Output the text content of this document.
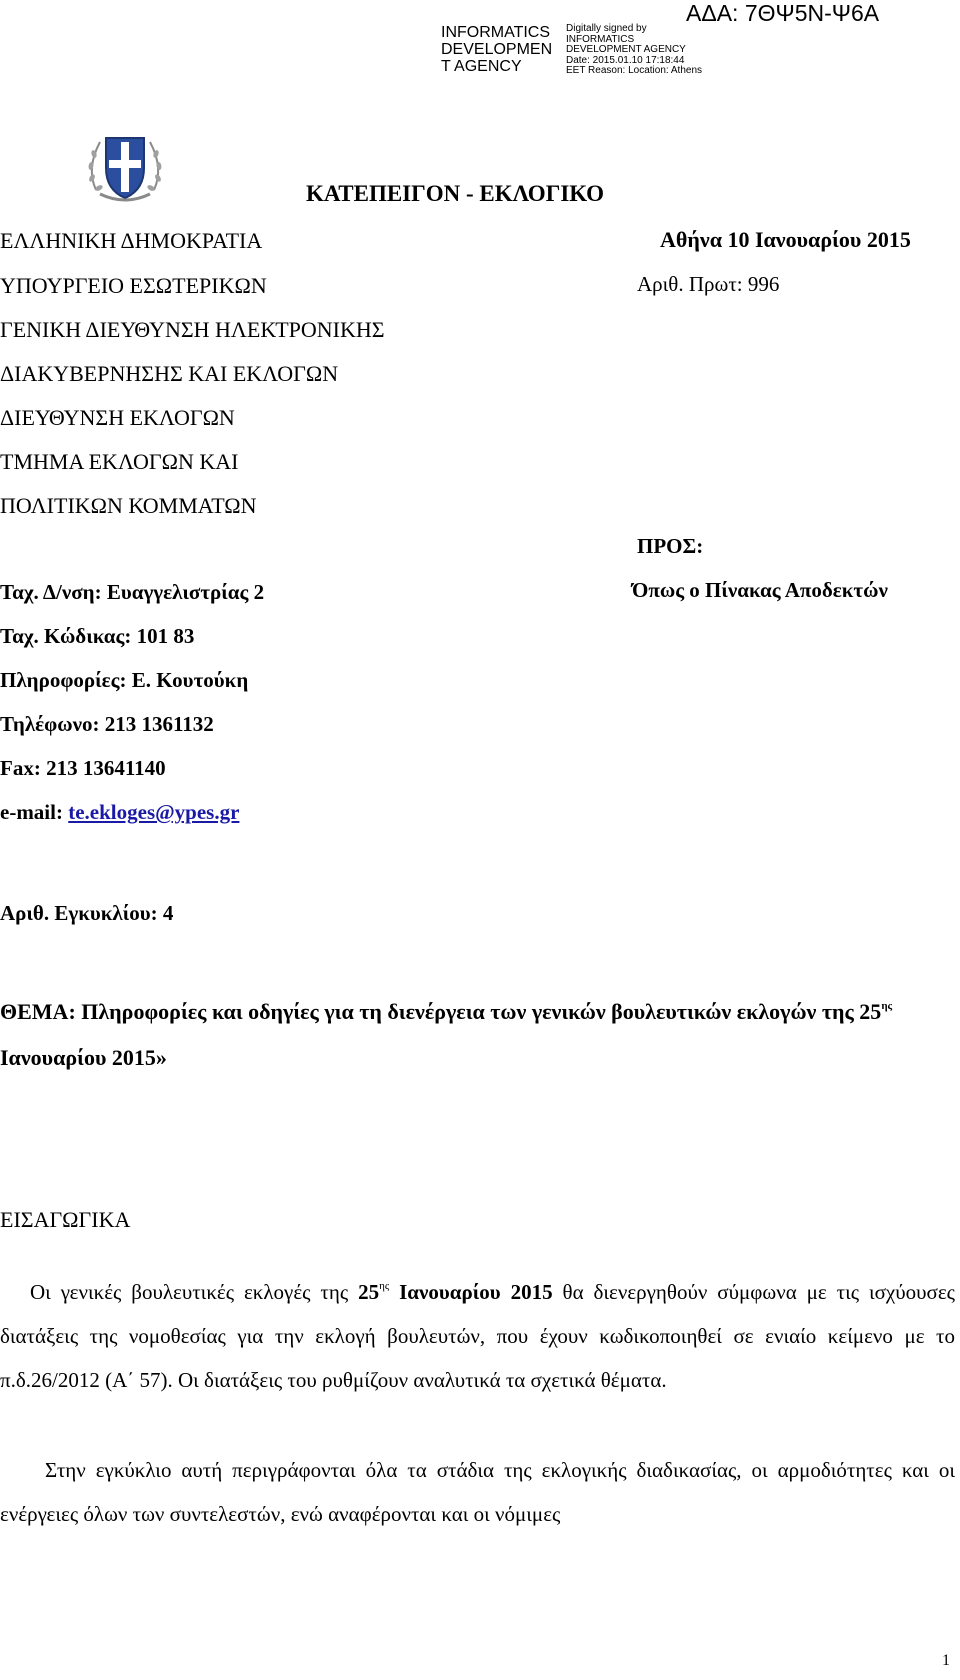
INFORMATICS DEVELOPMEN T AGENCY
Digitally signed by INFORMATICS DEVELOPMENT AGENCY Date: 2015.01.10 17:18:44 EET Reason: Location: Athens
ΑΔΑ: 7ΘΨ5Ν-Ψ6Α
ΚΑΤΕΠΕΙΓΟΝ - ΕΚΛΟΓΙΚΟ
ΕΛΛΗΝΙΚΗ ΔΗΜΟΚΡΑΤΙΑ
ΥΠΟΥΡΓΕΙΟ ΕΣΩΤΕΡΙΚΩΝ
ΓΕΝΙΚΗ ΔΙΕΥΘΥΝΣΗ ΗΛΕΚΤΡΟΝΙΚΗΣ
ΔΙΑΚΥΒΕΡΝΗΣΗΣ ΚΑΙ ΕΚΛΟΓΩΝ
ΔΙΕΥΘΥΝΣΗ ΕΚΛΟΓΩΝ
ΤΜΗΜΑ ΕΚΛΟΓΩΝ ΚΑΙ
ΠΟΛΙΤΙΚΩΝ ΚΟΜΜΑΤΩΝ
Αθήνα 10 Ιανουαρίου 2015
Αριθ. Πρωτ: 996
ΠΡΟΣ:
Όπως ο Πίνακας Αποδεκτών
Ταχ. Δ/νση: Ευαγγελιστρίας 2
Ταχ. Κώδικας: 101 83
Πληροφορίες: Ε. Κουτούκη
Τηλέφωνο: 213 1361132
Fax: 213 13641140
e-mail: te.ekloges@ypes.gr
Αριθ. Εγκυκλίου: 4
ΘΕΜΑ: Πληροφορίες και οδηγίες για τη διενέργεια των γενικών βουλευτικών εκλογών της $25^{\eta\varsigma}$ Ιανουαρίου 2015»
ΕΙΣΑΓΩΓΙΚΑ
Οι γενικές βουλευτικές εκλογές της $25^{\eta\varsigma}$ Ιανουαρίου 2015 θα διενεργηθούν σύμφωνα με τις ισχύουσες διατάξεις της νομοθεσίας για την εκλογή βουλευτών, που έχουν κωδικοποιηθεί σε ενιαίο κείμενο με το π.δ.26/2012 (Α΄ 57). Οι διατάξεις του ρυθμίζουν αναλυτικά τα σχετικά θέματα.
Στην εγκύκλιο αυτή περιγράφονται όλα τα στάδια της εκλογικής διαδικασίας, οι αρμοδιότητες και οι ενέργειες όλων των συντελεστών, ενώ αναφέρονται και οι νόμιμες
1
